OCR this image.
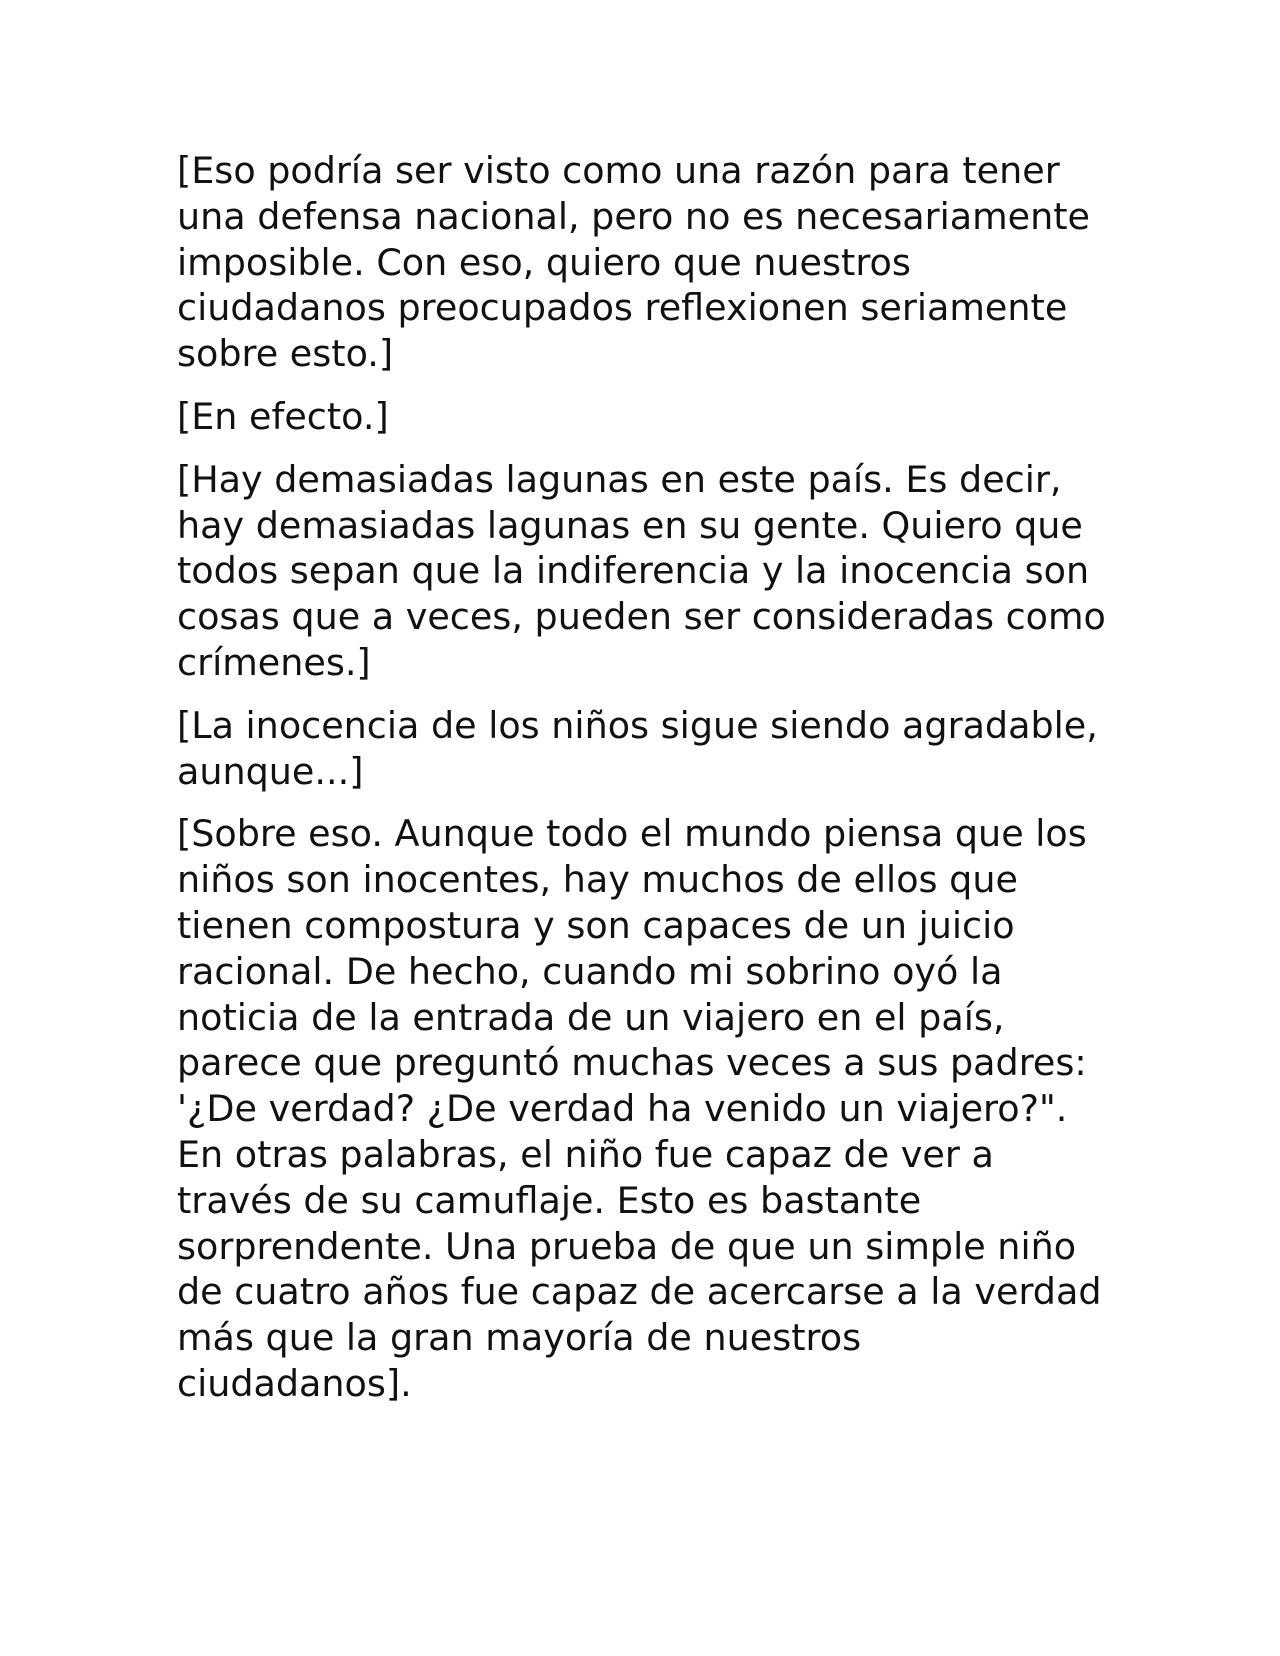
[Eso podría ser visto como una razón para tener una defensa nacional, pero no es necesariamente imposible. Con eso, quiero que nuestros ciudadanos preocupados reflexionen seriamente sobre esto.]

[En efecto.]

[Hay demasiadas lagunas en este país. Es decir, hay demasiadas lagunas en su gente. Quiero que todos sepan que la indiferencia y la inocencia son cosas que a veces, pueden ser consideradas como crímenes.]

[La inocencia de los niños sigue siendo agradable, aunque...]

[Sobre eso. Aunque todo el mundo piensa que los niños son inocentes, hay muchos de ellos que tienen compostura y son capaces de un juicio racional. De hecho, cuando mi sobrino oyó la noticia de la entrada de un viajero en el país, parece que preguntó muchas veces a sus padres: '¿De verdad? ¿De verdad ha venido un viajero?". En otras palabras, el niño fue capaz de ver a través de su camuflaje. Esto es bastante sorprendente. Una prueba de que un simple niño de cuatro años fue capaz de acercarse a la verdad más que la gran mayoría de nuestros ciudadanos].
